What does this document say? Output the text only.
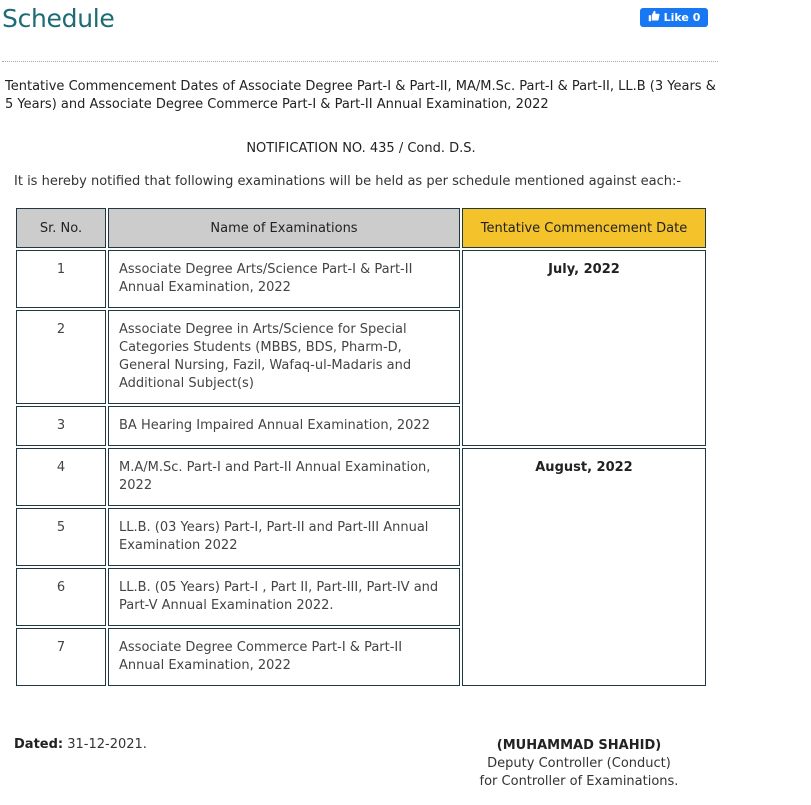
Schedule	Like 0

Tentative Commencement Dates of Associate Degree Part-I & Part-II, MA/M.Sc. Part-I & Part-II, LL.B (3 Years & 5 Years) and Associate Degree Commerce Part-I & Part-II Annual Examination, 2022

NOTIFICATION NO. 435 / Cond. D.S.

It is hereby notified that following examinations will be held as per schedule mentioned against each:-

Sr. No.	Name of Examinations	Tentative Commencement Date
1	Associate Degree Arts/Science Part-I & Part-II Annual Examination, 2022	July, 2022
2	Associate Degree in Arts/Science for Special Categories Students (MBBS, BDS, Pharm-D, General Nursing, Fazil, Wafaq-ul-Madaris and Additional Subject(s)	
3	BA Hearing Impaired Annual Examination, 2022	
4	M.A/M.Sc. Part-I and Part-II Annual Examination, 2022	August, 2022
5	LL.B. (03 Years) Part-I, Part-II and Part-III Annual Examination 2022	
6	LL.B. (05 Years) Part-I , Part II, Part-III, Part-IV and Part-V Annual Examination 2022.	
7	Associate Degree Commerce Part-I & Part-II Annual Examination, 2022	

Dated: 31-12-2021.	(MUHAMMAD SHAHID)
Deputy Controller (Conduct)
for Controller of Examinations.
